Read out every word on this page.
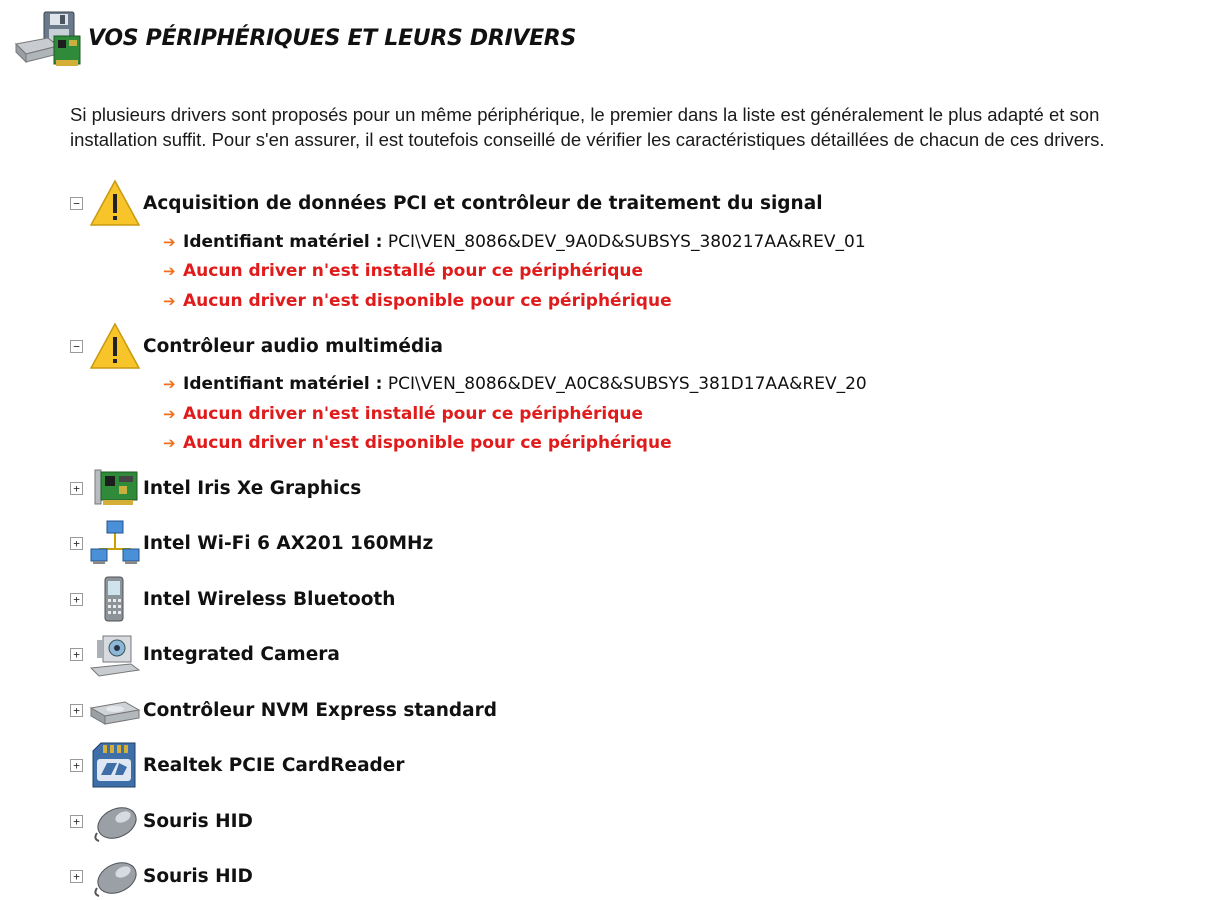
VOS PÉRIPHÉRIQUES ET LEURS DRIVERS
Si plusieurs drivers sont proposés pour un même périphérique, le premier dans la liste est généralement le plus adapté et son installation suffit. Pour s'en assurer, il est toutefois conseillé de vérifier les caractéristiques détaillées de chacun de ces drivers.
−	Acquisition de données PCI et contrôleur de traitement du signal
➔ Identifiant matériel :
PCI\VEN_8086&DEV_9A0D&SUBSYS_380217AA&REV_01
➔ Aucun driver n'est installé pour ce périphérique
➔ Aucun driver n'est disponible pour ce périphérique
−	Contrôleur audio multimédia
➔ Identifiant matériel :
PCI\VEN_8086&DEV_A0C8&SUBSYS_381D17AA&REV_20
➔ Aucun driver n'est installé pour ce périphérique
➔ Aucun driver n'est disponible pour ce périphérique
+	Intel Iris Xe Graphics
+	Intel Wi-Fi 6 AX201 160MHz
+	Intel Wireless Bluetooth
+	Integrated Camera
+	Contrôleur NVM Express standard
+	Realtek PCIE CardReader
+	Souris HID
+	Souris HID
